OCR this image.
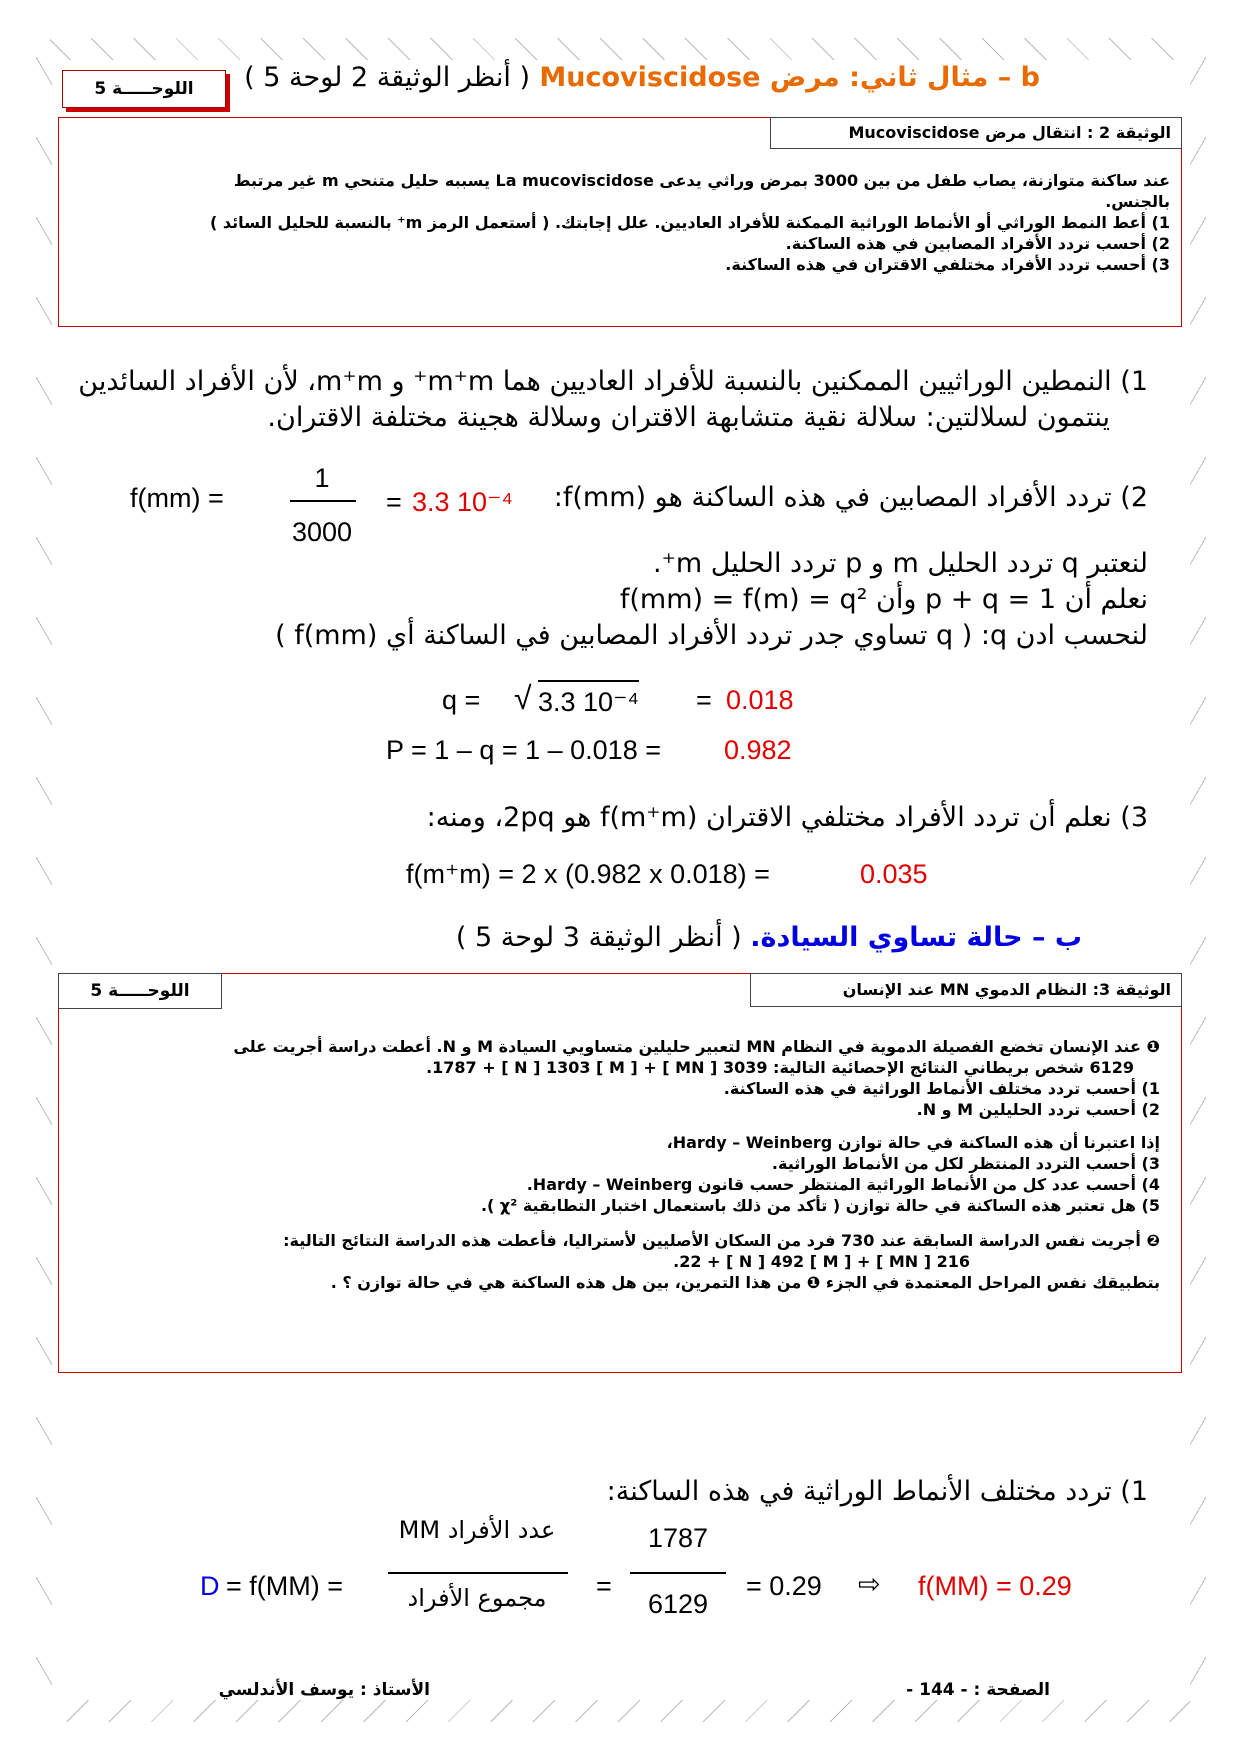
اللوحـــــة 5	b – مثال ثاني: مرض Mucoviscidose ( أنظر الوثيقة 2 لوحة 5 )
الوثيقة 2 : انتقال مرض Mucoviscidose
عند ساكنة متوازنة، يصاب طفل من بين 3000 بمرض وراثي يدعى La mucoviscidose يسببه حليل متنحي m غير مرتبط
بالجنس.
1) أعط النمط الوراثي أو الأنماط الوراثية الممكنة للأفراد العاديين. علل إجابتك. ( أستعمل الرمز m⁺ بالنسبة للحليل السائد )
2) أحسب تردد الأفراد المصابين في هذه الساكنة.
3) أحسب تردد الأفراد مختلفي الاقتران في هذه الساكنة.
1) النمطين الوراثيين الممكنين بالنسبة للأفراد العاديين هما m⁺m⁺ و m⁺m، لأن الأفراد السائدين
ينتمون لسلالتين: سلالة نقية متشابهة الاقتران وسلالة هجينة مختلفة الاقتران.
2) تردد الأفراد المصابين في هذه الساكنة هو f(mm):
f(mm) =
1
3000
= 3.3 10⁻⁴
لنعتبر q تردد الحليل m و p تردد الحليل m⁺.
نعلم أن p + q = 1 وأن f(mm) = f(m) = q²
لنحسب ادن q: ( q تساوي جدر تردد الأفراد المصابين في الساكنة أي f(mm) )
q = √ 3.3 10⁻⁴ = 0.018
P = 1 – q = 1 – 0.018 = 0.982
3) نعلم أن تردد الأفراد مختلفي الاقتران f(m⁺m) هو 2pq، ومنه:
f(m⁺m) = 2 x (0.982 x 0.018) =	0.035
ب – حالة تساوي السيادة. ( أنظر الوثيقة 3 لوحة 5 )
اللوحـــــة 5	الوثيقة 3: النظام الدموي MN عند الإنسان
❶ عند الإنسان تخضع الفصيلة الدموية في النظام MN لتعبير حليلين متساويي السيادة M و N. أعطت دراسة أجريت على
6129 شخص بريطاني النتائج الإحصائية التالية: 3039 [ MN ] + [ M ] 1787 + [ N ] 1303.
1) أحسب تردد مختلف الأنماط الوراثية في هذه الساكنة.
2) أحسب تردد الحليلين M و N.
إذا اعتبرنا أن هذه الساكنة في حالة توازن Hardy – Weinberg،
3) أحسب التردد المنتظر لكل من الأنماط الوراثية.
4) أحسب عدد كل من الأنماط الوراثية المنتظر حسب قانون Hardy – Weinberg.
5) هل تعتبر هذه الساكنة في حالة توازن ( تأكد من ذلك باستعمال اختبار التطابقية χ² ).
❷ أجريت نفس الدراسة السابقة عند 730 فرد من السكان الأصليين لأستراليا، فأعطت هذه الدراسة النتائج التالية:
216 [ MN ] + [ M ] 22 + [ N ] 492.
بتطبيقك نفس المراحل المعتمدة في الجزء ❶ من هذا التمرين، بين هل هذه الساكنة هي في حالة توازن ؟ .
1) تردد مختلف الأنماط الوراثية في هذه الساكنة:
D = f(MM) =
عدد الأفراد MM
مجموع الأفراد	=
1787
6129
= 0.29 ⇨ f(MM) = 0.29
الصفحة : - 144 -
الأستاذ : يوسف الأندلسي
